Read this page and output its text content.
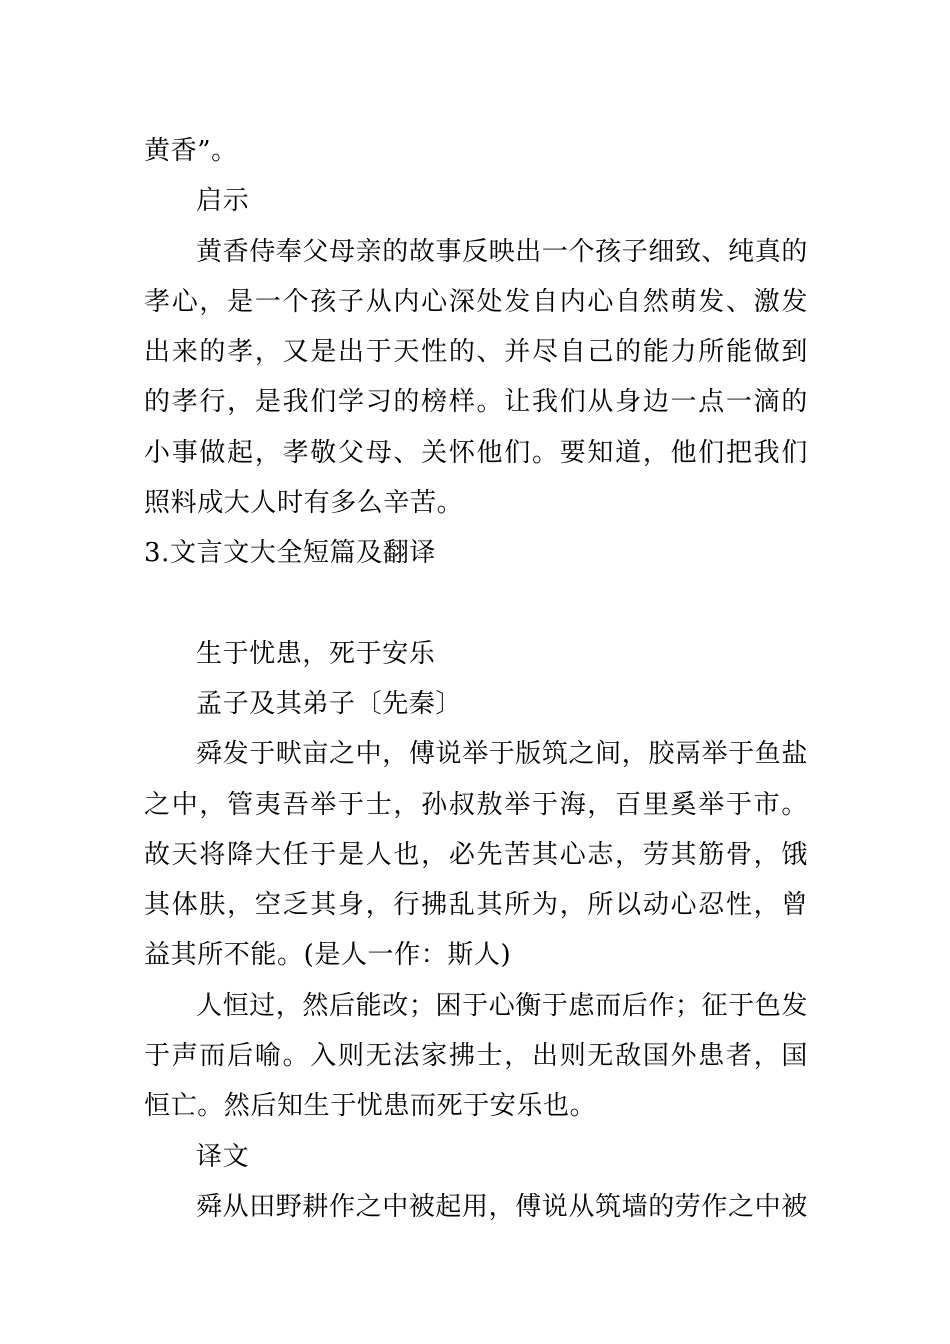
黄香”。

启示

黄香侍奉父母亲的故事反映出一个孩子细致、纯真的孝心，是一个孩子从内心深处发自内心自然萌发、激发出来的孝，又是出于天性的、并尽自己的能力所能做到的孝行，是我们学习的榜样。让我们从身边一点一滴的小事做起，孝敬父母、关怀他们。要知道，他们把我们照料成大人时有多么辛苦。

3.文言文大全短篇及翻译

生于忧患，死于安乐

孟子及其弟子〔先秦〕

舜发于畎亩之中，傅说举于版筑之间，胶鬲举于鱼盐之中，管夷吾举于士，孙叔敖举于海，百里奚举于市。故天将降大任于是人也，必先苦其心志，劳其筋骨，饿其体肤，空乏其身，行拂乱其所为，所以动心忍性，曾益其所不能。(是人一作：斯人)

人恒过，然后能改；困于心衡于虑而后作；征于色发于声而后喻。入则无法家拂士，出则无敌国外患者，国恒亡。然后知生于忧患而死于安乐也。

译文

舜从田野耕作之中被起用，傅说从筑墙的劳作之中被
